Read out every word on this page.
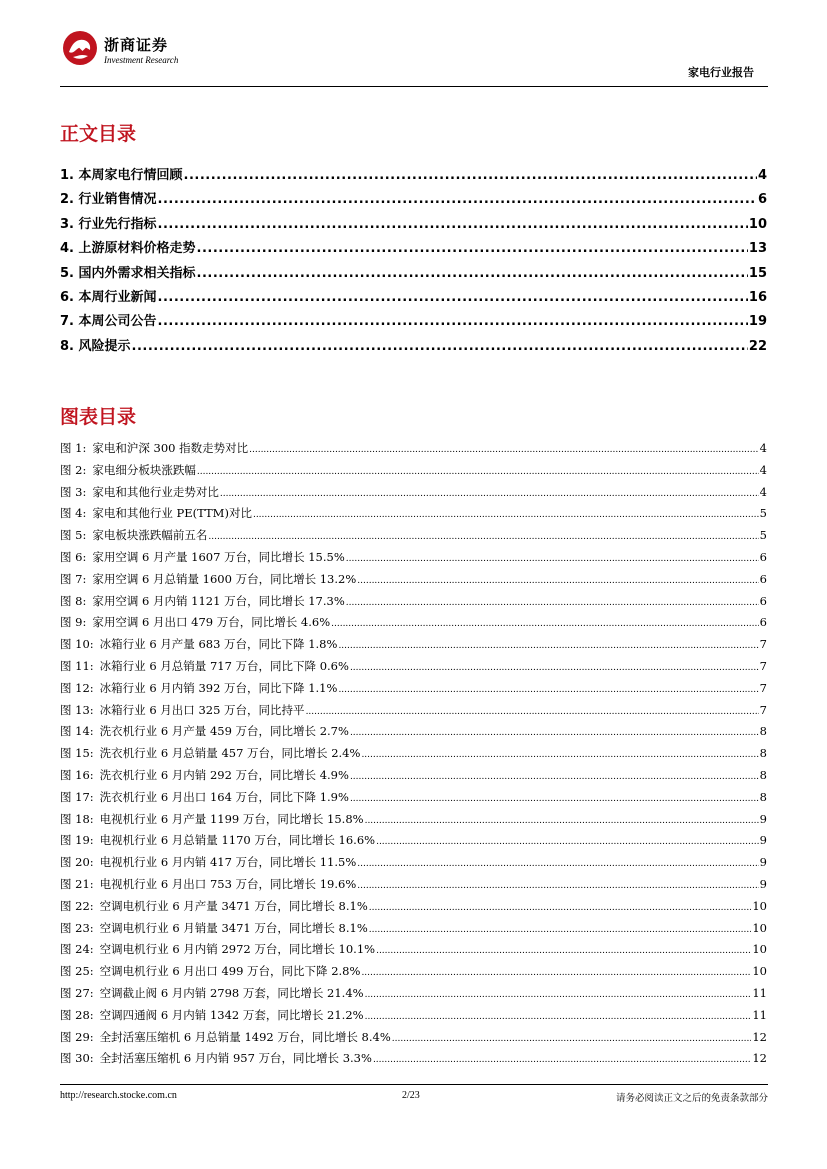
浙商证券
Investment Research
家电行业报告
正文目录
1. 本周家电行情回顾 .....	4
2. 行业销售情况 .....	6
3. 行业先行指标 .....	10
4. 上游原材料价格走势 .....	13
5. 国内外需求相关指标 .....	15
6. 本周行业新闻 .....	16
7. 本周公司公告 .....	19
8. 风险提示 .....	22
图表目录
图 1: 家电和沪深 300 指数走势对比 .....	4
图 2: 家电细分板块涨跌幅 .....	4
图 3: 家电和其他行业走势对比 .....	4
图 4: 家电和其他行业 PE(TTM)对比 .....	5
图 5: 家电板块涨跌幅前五名 .....	5
图 6: 家用空调 6 月产量 1607 万台，同比增长 15.5% .....	6
图 7: 家用空调 6 月总销量 1600 万台，同比增长 13.2% .....	6
图 8: 家用空调 6 月内销 1121 万台，同比增长 17.3% .....	6
图 9: 家用空调 6 月出口 479 万台，同比增长 4.6% .....	6
图 10: 冰箱行业 6 月产量 683 万台，同比下降 1.8% .....	7
图 11: 冰箱行业 6 月总销量 717 万台，同比下降 0.6% .....	7
图 12: 冰箱行业 6 月内销 392 万台，同比下降 1.1% .....	7
图 13: 冰箱行业 6 月出口 325 万台，同比持平 .....	7
图 14: 洗衣机行业 6 月产量 459 万台，同比增长 2.7% .....	8
图 15: 洗衣机行业 6 月总销量 457 万台，同比增长 2.4% .....	8
图 16: 洗衣机行业 6 月内销 292 万台，同比增长 4.9% .....	8
图 17: 洗衣机行业 6 月出口 164 万台，同比下降 1.9% .....	8
图 18: 电视机行业 6 月产量 1199 万台，同比增长 15.8% .....	9
图 19: 电视机行业 6 月总销量 1170 万台，同比增长 16.6% .....	9
图 20: 电视机行业 6 月内销 417 万台，同比增长 11.5% .....	9
图 21: 电视机行业 6 月出口 753 万台，同比增长 19.6% .....	9
图 22: 空调电机行业 6 月产量 3471 万台，同比增长 8.1% .....	10
图 23: 空调电机行业 6 月销量 3471 万台，同比增长 8.1% .....	10
图 24: 空调电机行业 6 月内销 2972 万台，同比增长 10.1% .....	10
图 25: 空调电机行业 6 月出口 499 万台，同比下降 2.8% .....	10
图 27: 空调截止阀 6 月内销 2798 万套，同比增长 21.4% .....	11
图 28: 空调四通阀 6 月内销 1342 万套，同比增长 21.2% .....	11
图 29: 全封活塞压缩机 6 月总销量 1492 万台，同比增长 8.4% .....	12
图 30: 全封活塞压缩机 6 月内销 957 万台，同比增长 3.3% .....	12
http://research.stocke.com.cn	2/23	请务必阅读正文之后的免责条款部分
